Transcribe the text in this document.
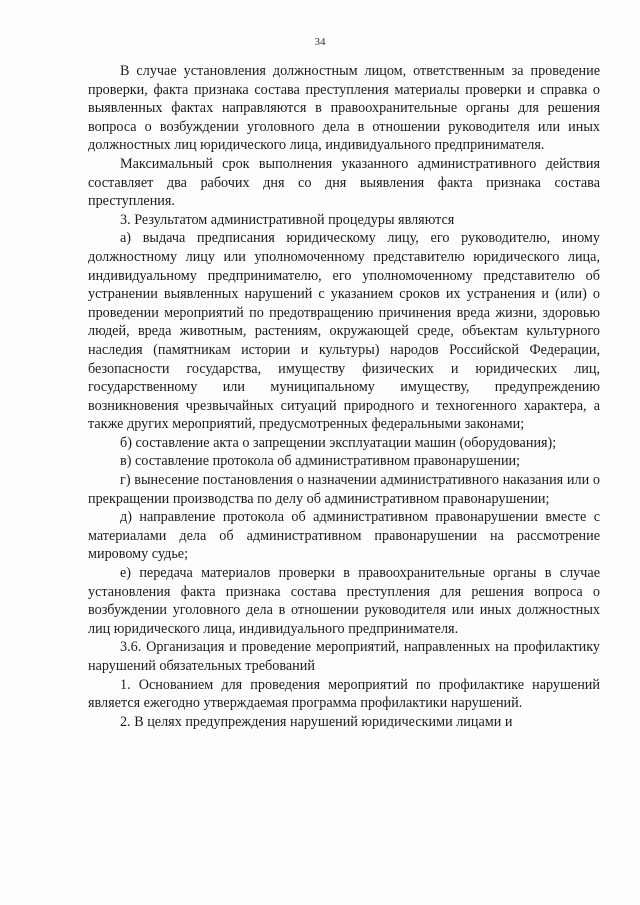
34

В случае установления должностным лицом, ответственным за проведение проверки, факта признака состава преступления материалы проверки и справка о выявленных фактах направляются в правоохранительные органы для решения вопроса о возбуждении уголовного дела в отношении руководителя или иных должностных лиц юридического лица, индивидуального предпринимателя.

Максимальный срок выполнения указанного административного действия составляет два рабочих дня со дня выявления факта признака состава преступления.

3. Результатом административной процедуры являются

а) выдача предписания юридическому лицу, его руководителю, иному должностному лицу или уполномоченному представителю юридического лица, индивидуальному предпринимателю, его уполномоченному представителю об устранении выявленных нарушений с указанием сроков их устранения и (или) о проведении мероприятий по предотвращению причинения вреда жизни, здоровью людей, вреда животным, растениям, окружающей среде, объектам культурного наследия (памятникам истории и культуры) народов Российской Федерации, безопасности государства, имуществу физических и юридических лиц, государственному или муниципальному имуществу, предупреждению возникновения чрезвычайных ситуаций природного и техногенного характера, а также других мероприятий, предусмотренных федеральными законами;

б) составление акта о запрещении эксплуатации машин (оборудования);

в) составление протокола об административном правонарушении;

г) вынесение постановления о назначении административного наказания или о прекращении производства по делу об административном правонарушении;

д) направление протокола об административном правонарушении вместе с материалами дела об административном правонарушении на рассмотрение мировому судье;

е) передача материалов проверки в правоохранительные органы в случае установления факта признака состава преступления для решения вопроса о возбуждении уголовного дела в отношении руководителя или иных должностных лиц юридического лица, индивидуального предпринимателя.

3.6. Организация и проведение мероприятий, направленных на профилактику нарушений обязательных требований

1. Основанием для проведения мероприятий по профилактике нарушений является ежегодно утверждаемая программа профилактики нарушений.

2. В целях предупреждения нарушений юридическими лицами и
